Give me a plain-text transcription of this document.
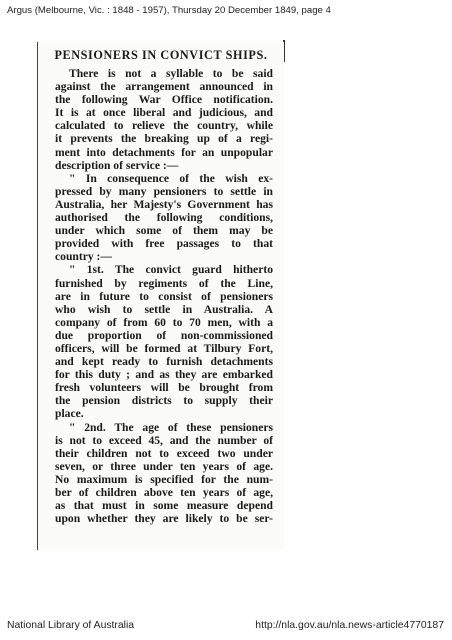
Argus (Melbourne, Vic. : 1848 - 1957), Thursday 20 December 1849, page 4
PENSIONERS IN CONVICT SHIPS.
There is not a syllable to be said
against the arrangement announced in
the following War Office notification.
It is at once liberal and judicious, and
calculated to relieve the country, while
it prevents the breaking up of a regi-
ment into detachments for an unpopular
description of service :—
" In consequence of the wish ex-
pressed by many pensioners to settle in
Australia, her Majesty's Government has
authorised the following conditions,
under which some of them may be
provided with free passages to that
country :—
" 1st. The convict guard hitherto
furnished by regiments of the Line,
are in future to consist of pensioners
who wish to settle in Australia. A
company of from 60 to 70 men, with a
due proportion of non-commissioned
officers, will be formed at Tilbury Fort,
and kept ready to furnish detachments
for this duty ; and as they are embarked
fresh volunteers will be brought from
the pension districts to supply their
place.
" 2nd. The age of these pensioners
is not to exceed 45, and the number of
their children not to exceed two under
seven, or three under ten years of age.
No maximum is specified for the num-
ber of children above ten years of age,
as that must in some measure depend
upon whether they are likely to be ser-
National Library of Australia	http://nla.gov.au/nla.news-article4770187
